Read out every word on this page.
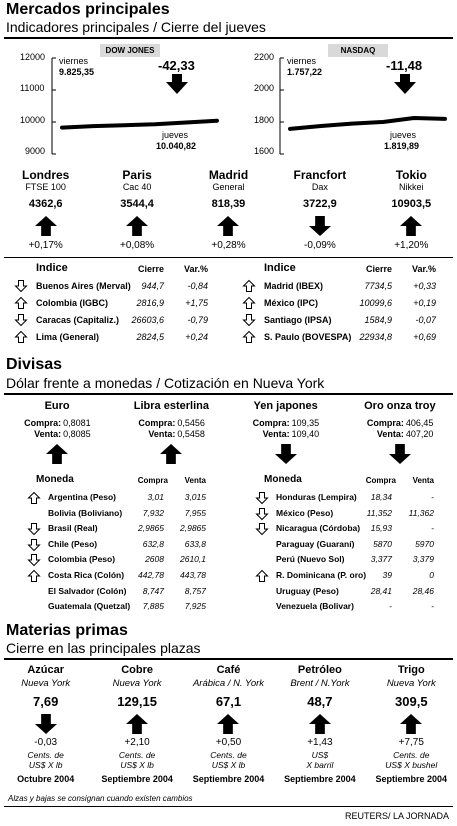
Mercados principales
Indicadores principales / Cierre del jueves
DOW JONES
viernes
9.825,35	-42,33
jueves
10.040,82
12000
11000
10000
9000
NASDAQ
viernes
1.757,22	-11,48
jueves
1.819,89
2200
2000
1800
1600
Londres
FTSE 100
4362,6
+0,17%
Paris
Cac 40
3544,4
+0,08%
Madrid
General
818,39
+0,28%
Francfort
Dax
3722,9
-0,09%
Tokio
Nikkei
10903,5
+1,20%
Indice	Cierre	Var.%
Buenos Aires (Merval)	944,7	-0,84
Colombia (IGBC)	2816,9	+1,75
Caracas (Capitaliz.)	26603,6	-0,79
Lima (General)	2824,5	+0,24
Indice	Cierre	Var.%
Madrid (IBEX)	7734,5	+0,33
México (IPC)	10099,6	+0,19
Santiago (IPSA)	1584,9	-0,07
S. Paulo (BOVESPA) 22934,8	+0,69
Divisas
Dólar frente a monedas / Cotización en Nueva York
Euro
Compra: 0,8081
Venta: 0,8085
Libra esterlina
Compra: 0,5456
Venta: 0,5458
Yen japones
Compra: 109,35
Venta: 109,40
Oro onza troy
Compra: 406,45
Venta: 407,20
Moneda	Compra	Venta
Argentina (Peso)	3,01	3,015
Bolivia (Boliviano)	7,932	7,955
Brasil (Real)	2,9865	2,9865
Chile (Peso)	632,8	633,8
Colombia (Peso)	2608	2610,1
Costa Rica (Colón)	442,78	443,78
El Salvador (Colón)	8,747	8,757
Guatemala (Quetzal)	7,885	7,925
Moneda	Compra	Venta
Honduras (Lempira)	18,34	-
México (Peso)	11,352	11,362
Nicaragua (Córdoba)	15,93	-
Paraguay (Guaraní)	5870	5970
Perú (Nuevo Sol)	3,377	3,379
R. Dominicana (P. oro)	39	0
Uruguay (Peso)	28,41	28,46
Venezuela (Bolivar)	-	-
Materias primas
Cierre en las principales plazas
Azúcar
Nueva York
7,69
-0,03
Cents. de
US$ X lb
Octubre 2004
Cobre
Nueva York
129,15
+2,10
Cents. de
US$ X lb
Septiembre 2004
Café
Arábica / N. York
67,1
+0,50
Cents. de
US$ X lb
Septiembre 2004
Petróleo
Brent / N.York
48,7
+1,43
US$
X barril
Septiembre 2004
Trigo
Nueva York
309,5
+7,75
Cents. de
US$ X bushel
Septiembre 2004
Alzas y bajas se consignan cuando existen cambios
REUTERS/ LA JORNADA
